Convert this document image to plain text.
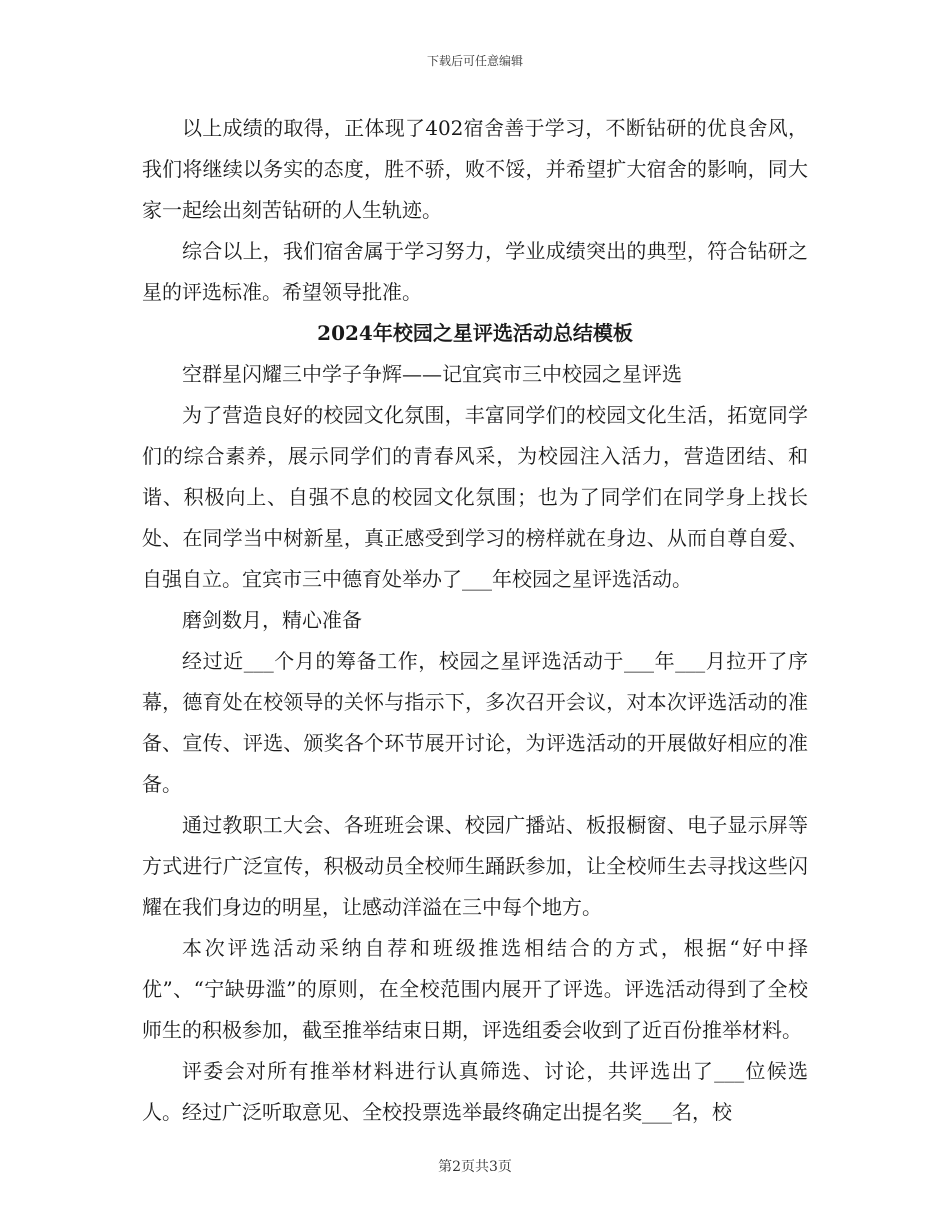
下载后可任意编辑

以上成绩的取得，正体现了402宿舍善于学习，不断钻研的优良舍风，我们将继续以务实的态度，胜不骄，败不馁，并希望扩大宿舍的影响，同大家一起绘出刻苦钻研的人生轨迹。

综合以上，我们宿舍属于学习努力，学业成绩突出的典型，符合钻研之星的评选标准。希望领导批准。

2024年校园之星评选活动总结模板

空群星闪耀三中学子争辉——记宜宾市三中校园之星评选

为了营造良好的校园文化氛围，丰富同学们的校园文化生活，拓宽同学们的综合素养，展示同学们的青春风采，为校园注入活力，营造团结、和谐、积极向上、自强不息的校园文化氛围；也为了同学们在同学身上找长处、在同学当中树新星，真正感受到学习的榜样就在身边、从而自尊自爱、自强自立。宜宾市三中德育处举办了___年校园之星评选活动。

磨剑数月，精心准备

经过近___个月的筹备工作，校园之星评选活动于___年___月拉开了序幕，德育处在校领导的关怀与指示下，多次召开会议，对本次评选活动的准备、宣传、评选、颁奖各个环节展开讨论，为评选活动的开展做好相应的准备。

通过教职工大会、各班班会课、校园广播站、板报橱窗、电子显示屏等方式进行广泛宣传，积极动员全校师生踊跃参加，让全校师生去寻找这些闪耀在我们身边的明星，让感动洋溢在三中每个地方。

本次评选活动采纳自荐和班级推选相结合的方式，根据“好中择优”、“宁缺毋滥”的原则，在全校范围内展开了评选。评选活动得到了全校师生的积极参加，截至推举结束日期，评选组委会收到了近百份推举材料。

评委会对所有推举材料进行认真筛选、讨论，共评选出了___位候选人。经过广泛听取意见、全校投票选举最终确定出提名奖___名，校

第2页共3页
